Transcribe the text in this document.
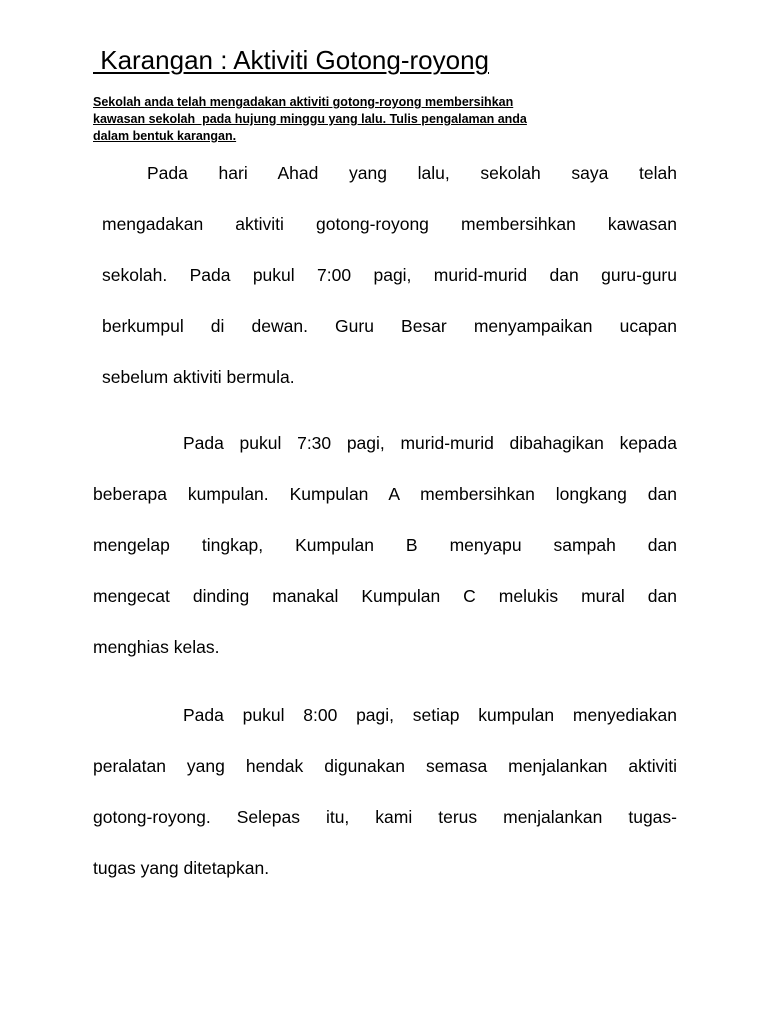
Karangan : Aktiviti Gotong-royong
Sekolah anda telah mengadakan aktiviti gotong-royong membersihkan
kawasan sekolah  pada hujung minggu yang lalu. Tulis pengalaman anda
dalam bentuk karangan.
Pada hari Ahad yang lalu, sekolah saya telah
mengadakan aktiviti gotong-royong membersihkan kawasan
sekolah. Pada pukul 7:00 pagi, murid-murid dan guru-guru
berkumpul di dewan. Guru Besar menyampaikan ucapan
sebelum aktiviti bermula.
Pada pukul 7:30 pagi, murid-murid dibahagikan kepada
beberapa kumpulan. Kumpulan A membersihkan longkang dan
mengelap tingkap, Kumpulan B menyapu sampah dan
mengecat dinding manakal Kumpulan C melukis mural dan
menghias kelas.
Pada pukul 8:00 pagi, setiap kumpulan menyediakan
peralatan yang hendak digunakan semasa menjalankan aktiviti
gotong-royong. Selepas itu, kami terus menjalankan tugas-
tugas yang ditetapkan.
